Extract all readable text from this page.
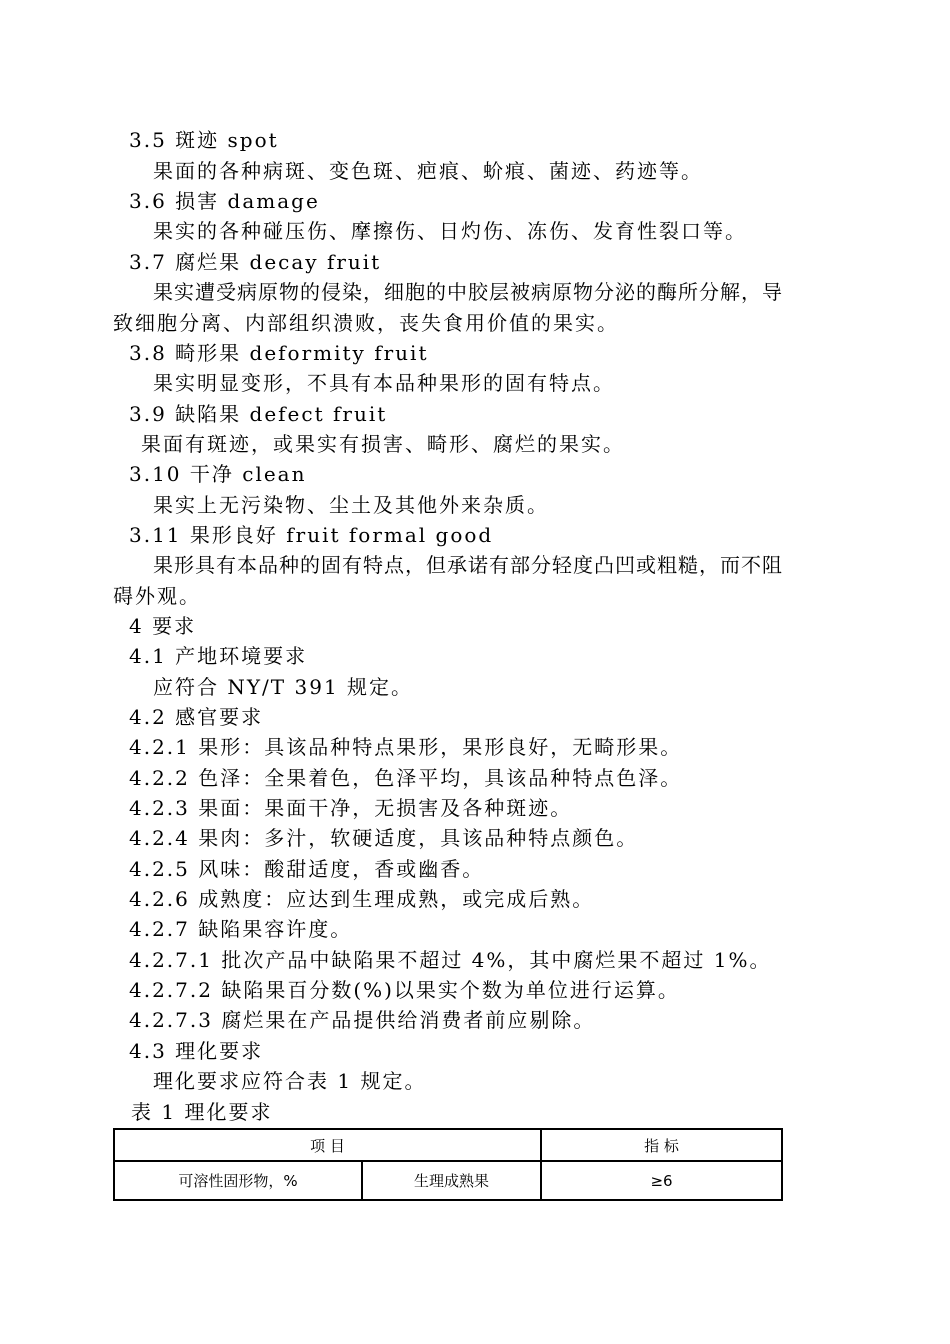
3.5 斑迹 spot
果面的各种病斑、变色斑、疤痕、蚧痕、菌迹、药迹等。
3.6 损害 damage
果实的各种碰压伤、摩擦伤、日灼伤、冻伤、发育性裂口等。
3.7 腐烂果 decay fruit
果实遭受病原物的侵染，细胞的中胶层被病原物分泌的酶所分解，导
致细胞分离、内部组织溃败，丧失食用价值的果实。
3.8 畸形果 deformity fruit
果实明显变形，不具有本品种果形的固有特点。
3.9 缺陷果 defect fruit
果面有斑迹，或果实有损害、畸形、腐烂的果实。
3.10 干净 clean
果实上无污染物、尘土及其他外来杂质。
3.11 果形良好 fruit formal good
果形具有本品种的固有特点，但承诺有部分轻度凸凹或粗糙，而不阻
碍外观。
4 要求
4.1 产地环境要求
应符合 NY/T 391 规定。
4.2 感官要求
4.2.1 果形：具该品种特点果形，果形良好，无畸形果。
4.2.2 色泽：全果着色，色泽平均，具该品种特点色泽。
4.2.3 果面：果面干净，无损害及各种斑迹。
4.2.4 果肉：多汁，软硬适度，具该品种特点颜色。
4.2.5 风味：酸甜适度，香或幽香。
4.2.6 成熟度：应达到生理成熟，或完成后熟。
4.2.7 缺陷果容许度。
4.2.7.1 批次产品中缺陷果不超过 4%，其中腐烂果不超过 1%。
4.2.7.2 缺陷果百分数(%)以果实个数为单位进行运算。
4.2.7.3 腐烂果在产品提供给消费者前应剔除。
4.3 理化要求
理化要求应符合表 1 规定。
表 1 理化要求
项 目		指 标
可溶性固形物，%	生理成熟果	≥6
